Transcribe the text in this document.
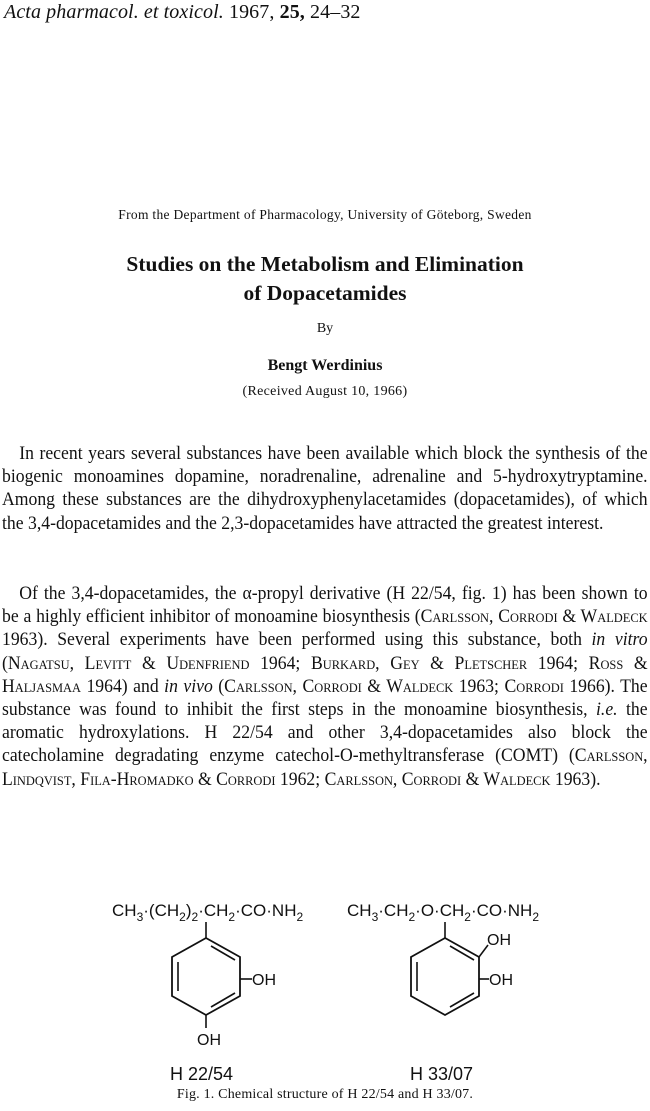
Acta pharmacol. et toxicol. 1967, 25, 24–32
From the Department of Pharmacology, University of Göteborg, Sweden
Studies on the Metabolism and Elimination
of Dopacetamides
By
Bengt Werdinius
(Received August 10, 1966)
In recent years several substances have been available which block the synthesis of the biogenic monoamines dopamine, noradrenaline, adrenaline and 5-hydroxytryptamine. Among these substances are the dihydroxyphenylacetamides (dopacetamides), of which the 3,4-dopacetamides and the 2,3-dopacetamides have attracted the greatest interest.
Of the 3,4-dopacetamides, the α-propyl derivative (H 22/54, fig. 1) has been shown to be a highly efficient inhibitor of monoamine biosynthesis (Carlsson, Corrodi & Waldeck 1963). Several experiments have been performed using this substance, both in vitro (Nagatsu, Levitt & Udenfriend 1964; Burkard, Gey & Pletscher 1964; Ross & Haljasmaa 1964) and in vivo (Carlsson, Corrodi & Waldeck 1963; Corrodi 1966). The substance was found to inhibit the first steps in the monoamine biosynthesis, i.e. the aromatic hydroxylations. H 22/54 and other 3,4-dopacetamides also block the catecholamine degradating enzyme catechol-O-methyltransferase (COMT) (Carlsson, Lindqvist, Fila-Hromadko & Corrodi 1962; Carlsson, Corrodi & Waldeck 1963).
$CH_3\cdot(CH_2)_2\cdot CH_2\cdot CO\cdot NH_2$
OH
OH
H 22/54
$CH_3\cdot CH_2\cdot O\cdot CH_2\cdot CO\cdot NH_2$
OH
OH
H 33/07
Fig. 1. Chemical structure of H 22/54 and H 33/07.
